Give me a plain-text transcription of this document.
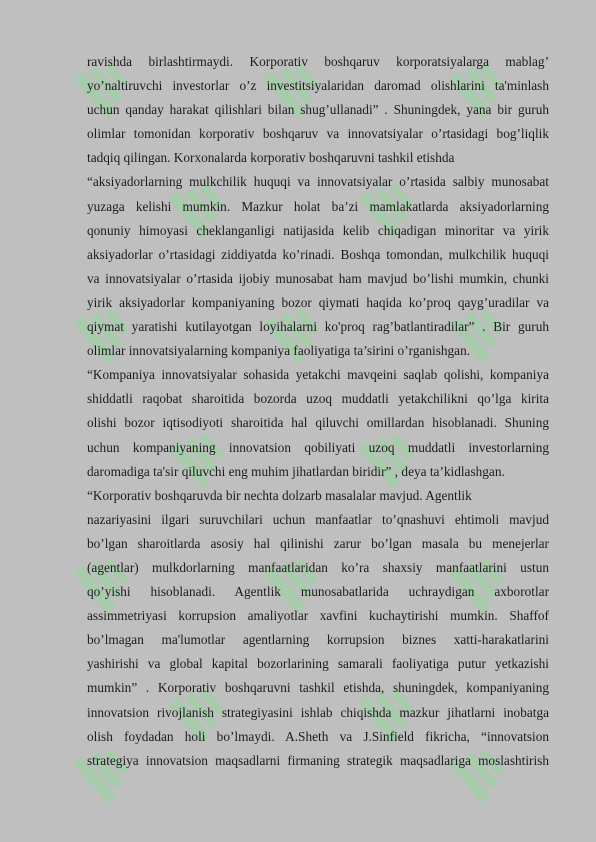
ravishda birlashtirmaydi. Korporativ boshqaruv korporatsiyalarga mablag’
yo’naltiruvchi investorlar o’z investitsiyalaridan daromad olishlarini ta'minlash
uchun qanday harakat qilishlari bilan shug’ullanadi” . Shuningdek, yana bir guruh
olimlar tomonidan korporativ boshqaruv va innovatsiyalar o’rtasidagi bog’liqlik
tadqiq qilingan. Korxonalarda korporativ boshqaruvni tashkil etishda
“aksiyadorlarning mulkchilik huquqi va innovatsiyalar o’rtasida salbiy munosabat
yuzaga kelishi mumkin. Mazkur holat ba’zi mamlakatlarda aksiyadorlarning
qonuniy himoyasi cheklanganligi natijasida kelib chiqadigan minoritar va yirik
aksiyadorlar o’rtasidagi ziddiyatda ko’rinadi. Boshqa tomondan, mulkchilik huquqi
va innovatsiyalar o’rtasida ijobiy munosabat ham mavjud bo’lishi mumkin, chunki
yirik aksiyadorlar kompaniyaning bozor qiymati haqida ko’proq qayg’uradilar va
qiymat yaratishi kutilayotgan loyihalarni ko'proq rag’batlantiradilar” . Bir guruh
olimlar innovatsiyalarning kompaniya faoliyatiga ta’sirini o’rganishgan.
“Kompaniya innovatsiyalar sohasida yetakchi mavqeini saqlab qolishi, kompaniya
shiddatli raqobat sharoitida bozorda uzoq muddatli yetakchilikni qo’lga kirita
olishi bozor iqtisodiyoti sharoitida hal qiluvchi omillardan hisoblanadi. Shuning
uchun kompaniyaning innovatsion qobiliyati uzoq muddatli investorlarning
daromadiga ta'sir qiluvchi eng muhim jihatlardan biridir” , deya ta’kidlashgan.
“Korporativ boshqaruvda bir nechta dolzarb masalalar mavjud. Agentlik
nazariyasini ilgari suruvchilari uchun manfaatlar to’qnashuvi ehtimoli mavjud
bo’lgan sharoitlarda asosiy hal qilinishi zarur bo’lgan masala bu menejerlar
(agentlar) mulkdorlarning manfaatlaridan ko’ra shaxsiy manfaatlarini ustun
qo’yishi hisoblanadi. Agentlik munosabatlarida uchraydigan axborotlar
assimmetriyasi korrupsion amaliyotlar xavfini kuchaytirishi mumkin. Shaffof
bo’lmagan ma'lumotlar agentlarning korrupsion biznes xatti-harakatlarini
yashirishi va global kapital bozorlarining samarali faoliyatiga putur yetkazishi
mumkin” . Korporativ boshqaruvni tashkil etishda, shuningdek, kompaniyaning
innovatsion rivojlanish strategiyasini ishlab chiqishda mazkur jihatlarni inobatga
olish foydadan holi bo’lmaydi. A.Sheth va J.Sinfield fikricha, “innovatsion
strategiya innovatsion maqsadlarni firmaning strategik maqsadlariga moslashtirish
